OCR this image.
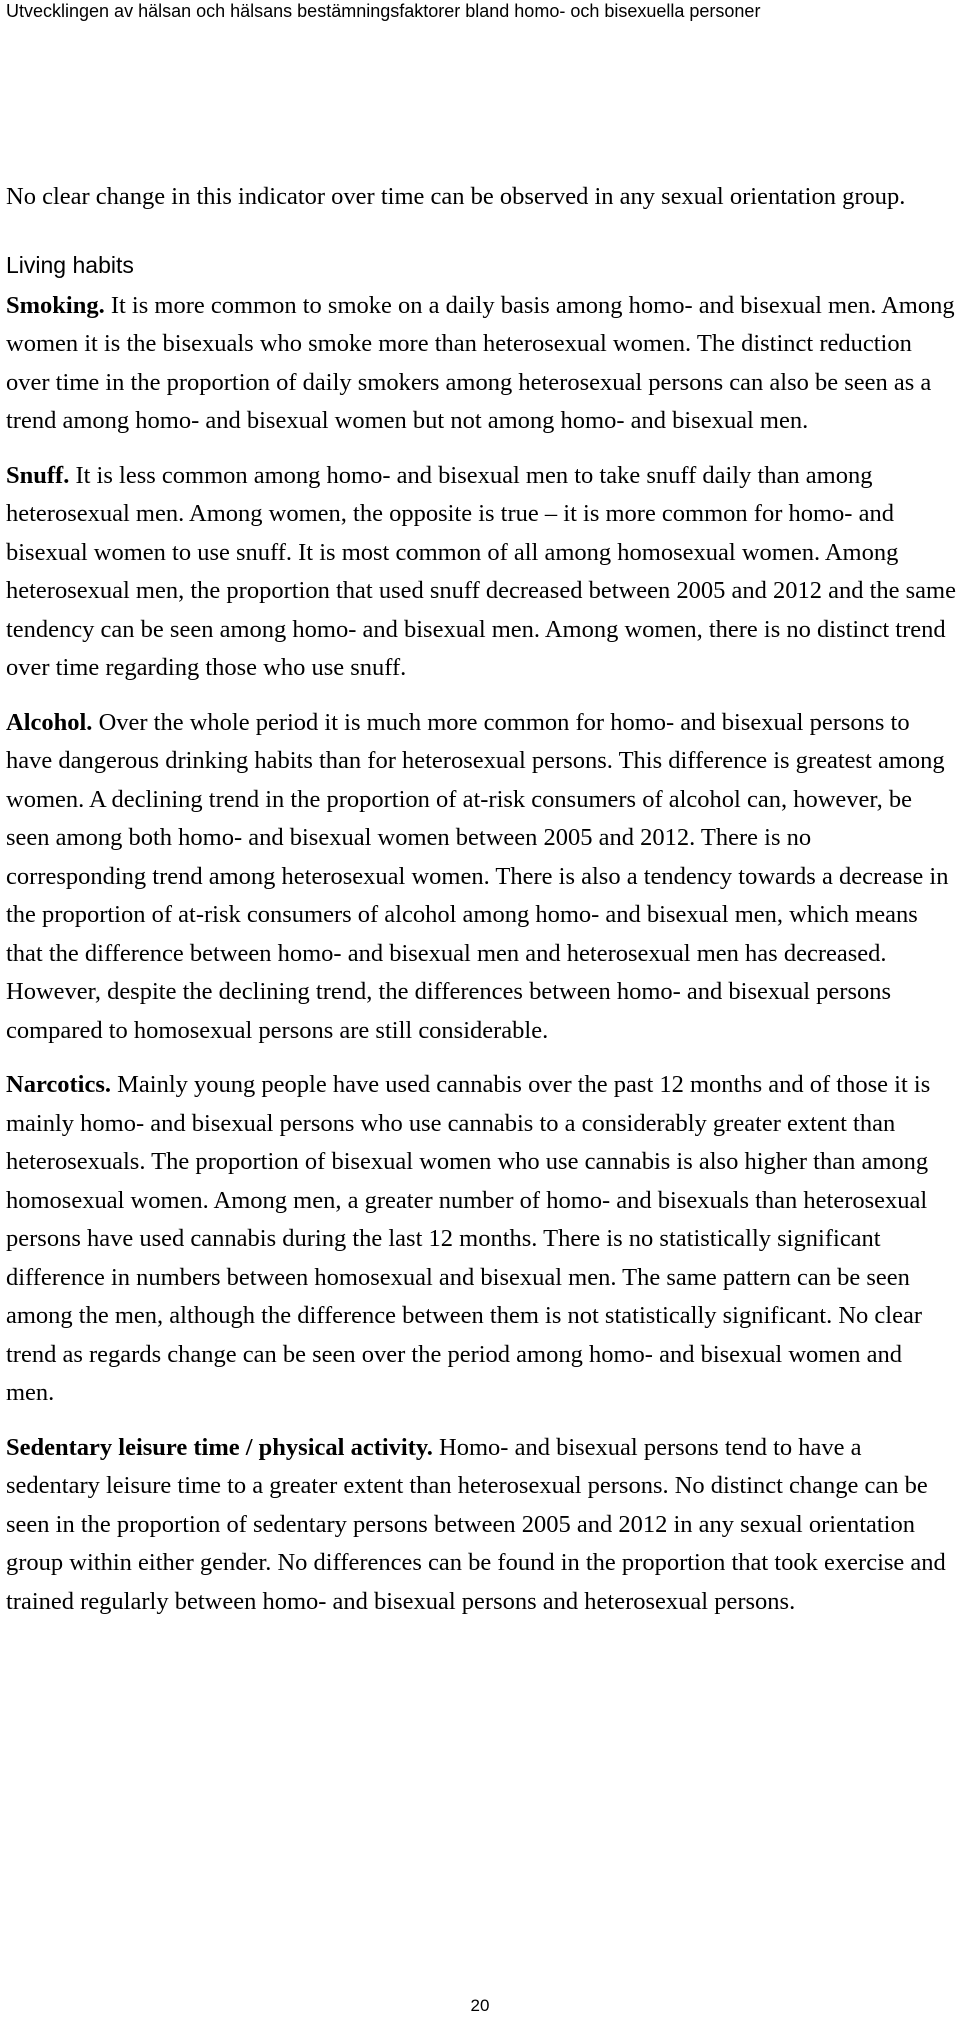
Utvecklingen av hälsan och hälsans bestämningsfaktorer bland homo- och bisexuella personer

No clear change in this indicator over time can be observed in any sexual orientation group.

Living habits

Smoking. It is more common to smoke on a daily basis among homo- and bisexual men. Among women it is the bisexuals who smoke more than heterosexual women. The distinct reduction over time in the proportion of daily smokers among heterosexual persons can also be seen as a trend among homo- and bisexual women but not among homo- and bisexual men.

Snuff. It is less common among homo- and bisexual men to take snuff daily than among heterosexual men. Among women, the opposite is true – it is more common for homo- and bisexual women to use snuff. It is most common of all among homosexual women. Among heterosexual men, the proportion that used snuff decreased between 2005 and 2012 and the same tendency can be seen among homo- and bisexual men. Among women, there is no distinct trend over time regarding those who use snuff.

Alcohol. Over the whole period it is much more common for homo- and bisexual persons to have dangerous drinking habits than for heterosexual persons. This difference is greatest among women. A declining trend in the proportion of at-risk consumers of alcohol can, however, be seen among both homo- and bisexual women between 2005 and 2012. There is no corresponding trend among heterosexual women. There is also a tendency towards a decrease in the proportion of at-risk consumers of alcohol among homo- and bisexual men, which means that the difference between homo- and bisexual men and heterosexual men has decreased. However, despite the declining trend, the differences between homo- and bisexual persons compared to homosexual persons are still considerable.

Narcotics. Mainly young people have used cannabis over the past 12 months and of those it is mainly homo- and bisexual persons who use cannabis to a considerably greater extent than heterosexuals. The proportion of bisexual women who use cannabis is also higher than among homosexual women. Among men, a greater number of homo- and bisexuals than heterosexual persons have used cannabis during the last 12 months. There is no statistically significant difference in numbers between homosexual and bisexual men. The same pattern can be seen among the men, although the difference between them is not statistically significant. No clear trend as regards change can be seen over the period among homo- and bisexual women and men.

Sedentary leisure time / physical activity. Homo- and bisexual persons tend to have a sedentary leisure time to a greater extent than heterosexual persons. No distinct change can be seen in the proportion of sedentary persons between 2005 and 2012 in any sexual orientation group within either gender. No differences can be found in the proportion that took exercise and trained regularly between homo- and bisexual persons and heterosexual persons.

20
